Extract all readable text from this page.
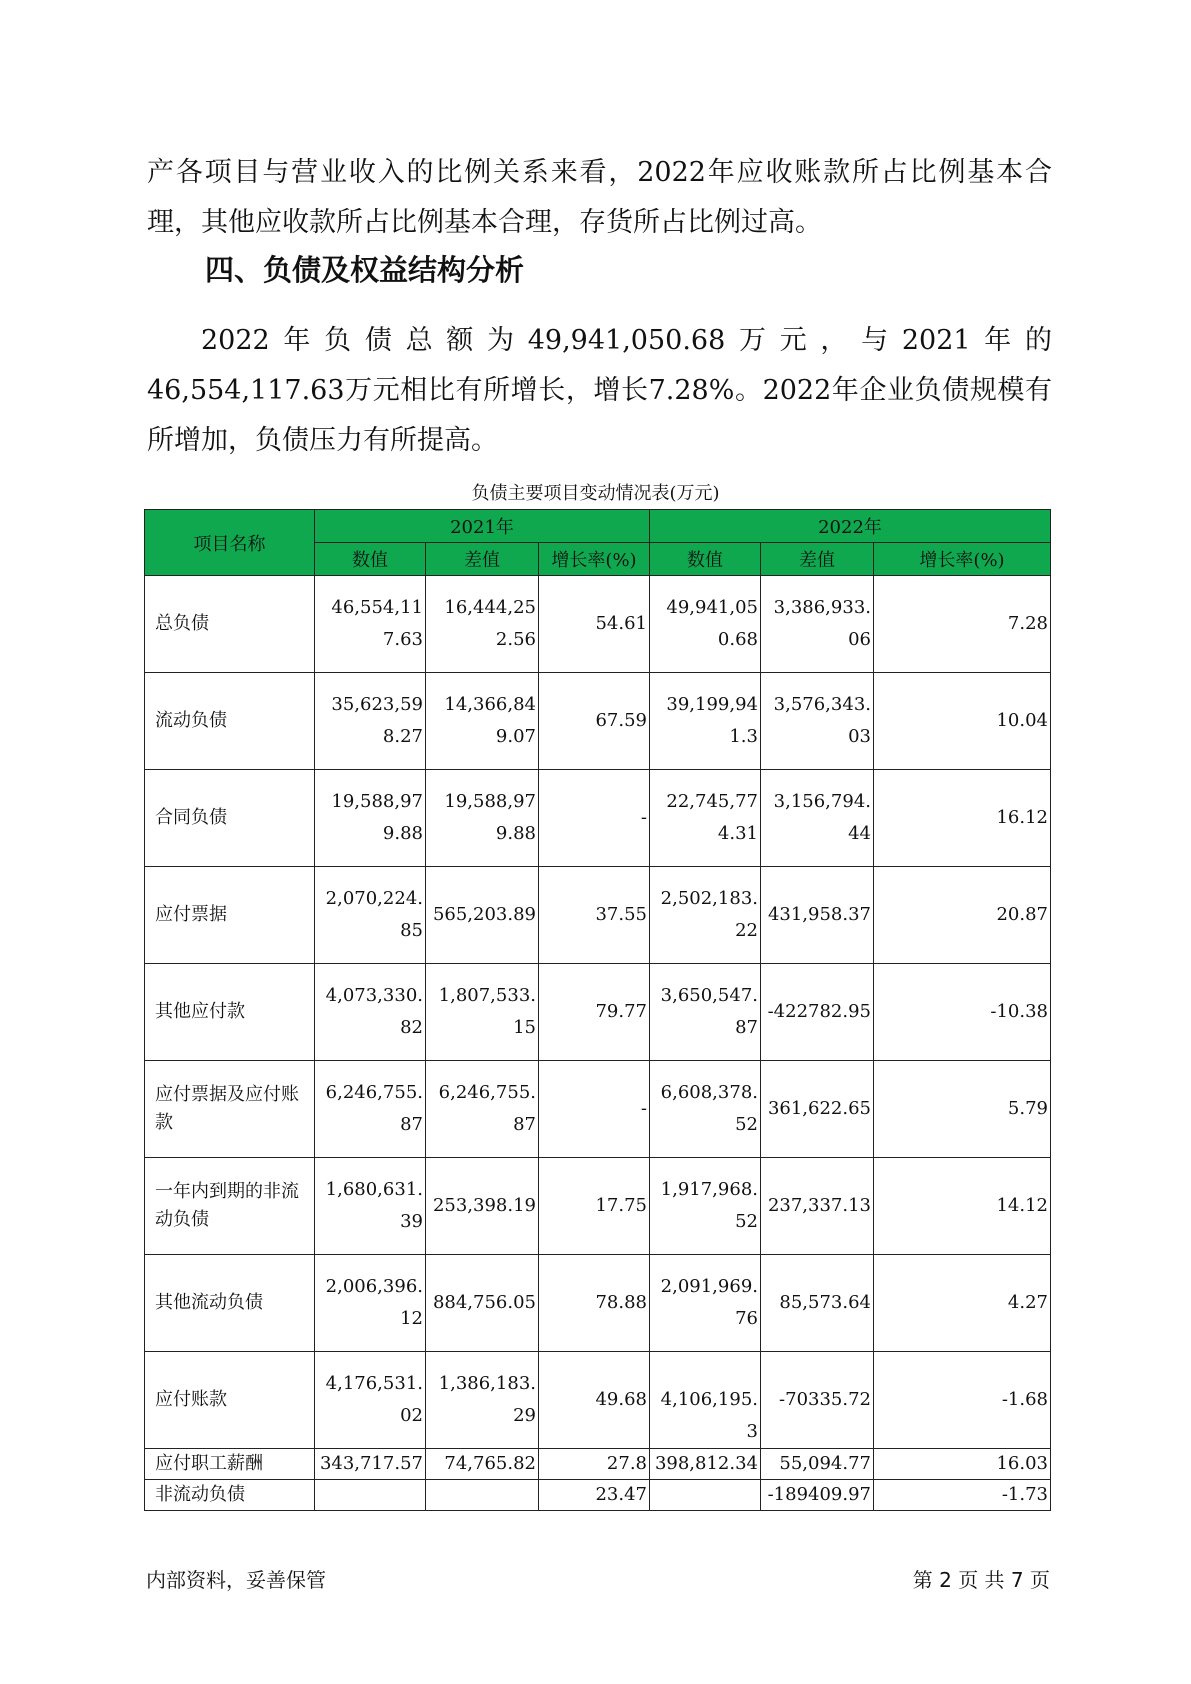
产各项目与营业收入的比例关系来看，2022年应收账款所占比例基本合理，其他应收款所占比例基本合理，存货所占比例过高。

四、负债及权益结构分析

2022年负债总额为49,941,050.68万元，与2021年的46,554,117.63万元相比有所增长，增长7.28%。2022年企业负债规模有所增加，负债压力有所提高。

负债主要项目变动情况表(万元)
项目名称	2021年			2022年		
	数值	差值	增长率(%)	数值	差值	增长率(%)
总负债	46,554,117.63	16,444,252.56	54.61	49,941,050.68	3,386,933.06	7.28
流动负债	35,623,598.27	14,366,849.07	67.59	39,199,941.3	3,576,343.03	10.04
合同负债	19,588,979.88	19,588,979.88	-	22,745,774.31	3,156,794.44	16.12
应付票据	2,070,224.85	565,203.89	37.55	2,502,183.22	431,958.37	20.87
其他应付款	4,073,330.82	1,807,533.15	79.77	3,650,547.87	-422782.95	-10.38
应付票据及应付账款	6,246,755.87	6,246,755.87	-	6,608,378.52	361,622.65	5.79
一年内到期的非流动负债	1,680,631.39	253,398.19	17.75	1,917,968.52	237,337.13	14.12
其他流动负债	2,006,396.12	884,756.05	78.88	2,091,969.76	85,573.64	4.27
应付账款	4,176,531.02	1,386,183.29	49.68	4,106,195.3	-70335.72	-1.68
应付职工薪酬	343,717.57	74,765.82	27.8	398,812.34	55,094.77	16.03
非流动负债			23.47		-189409.97	-1.73
内部资料，妥善保管	第 2 页 共 7 页
